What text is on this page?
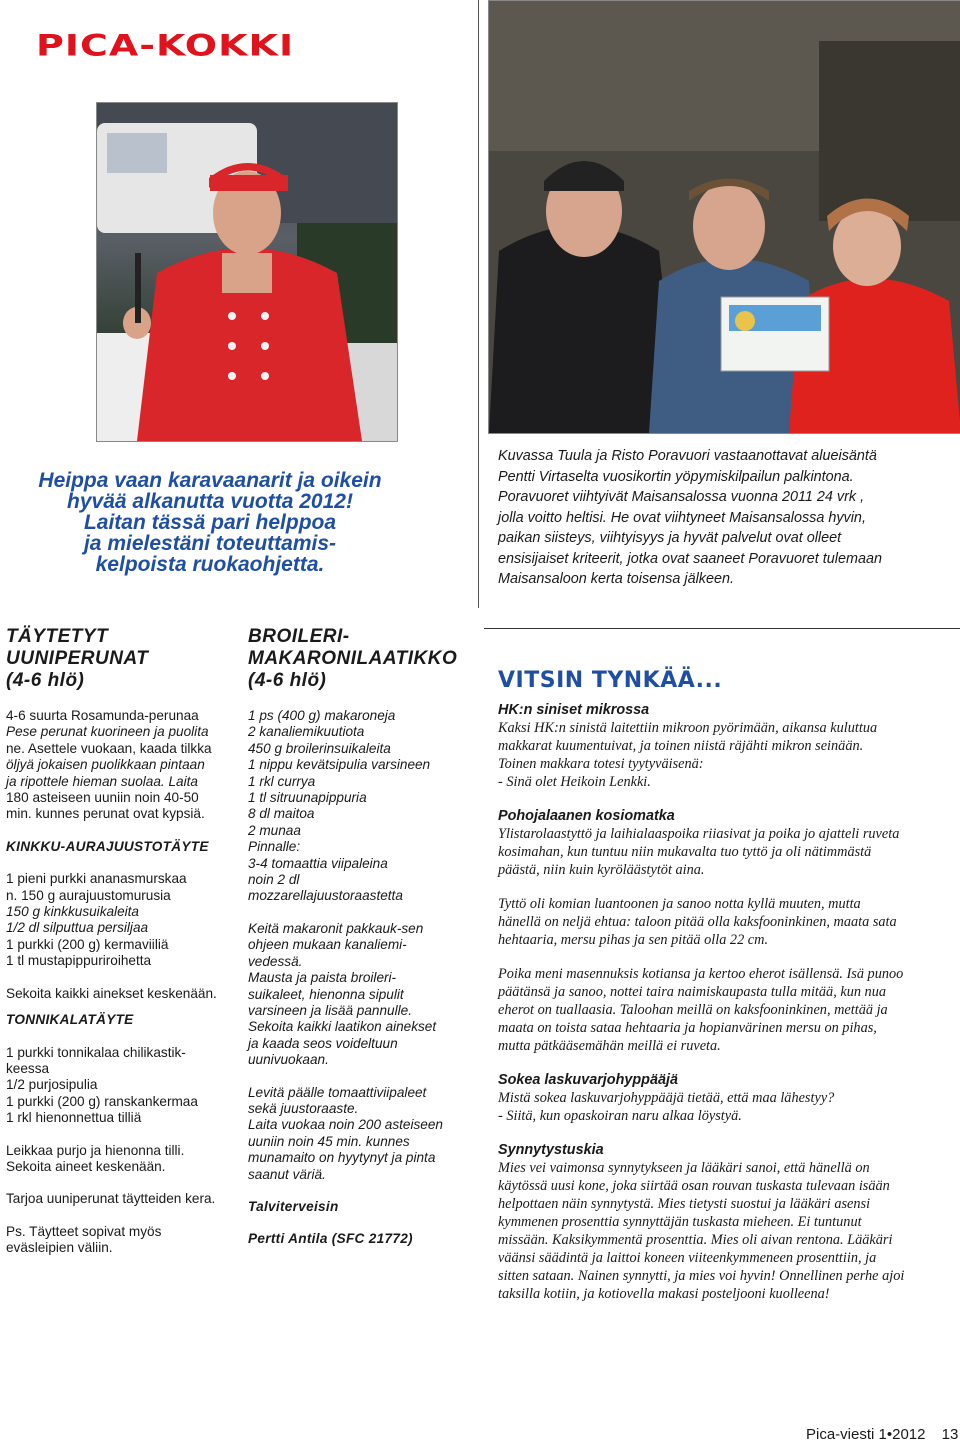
PICA-KOKKI
Heippa vaan karavaanarit ja oikein
hyvää alkanutta vuotta 2012!
Laitan tässä pari helppoa
ja mielestäni toteuttamis-
kelpoista ruokaohjetta.
Kuvassa Tuula ja Risto Poravuori vastaanottavat alueisäntä
Pentti Virtaselta vuosikortin yöpymiskilpailun palkintona.
Poravuoret viihtyivät Maisansalossa vuonna 2011 24 vrk ,
jolla voitto heltisi. He ovat viihtyneet Maisansalossa hyvin,
paikan siisteys, viihtyisyys ja hyvät palvelut ovat olleet
ensisijaiset kriteerit, jotka ovat saaneet Poravuoret tulemaan
Maisansaloon kerta toisensa jälkeen.
TÄYTETYT
UUNIPERUNAT
(4-6 hlö)
4-6 suurta Rosamunda-perunaa
Pese perunat kuorineen ja puolita
ne. Asettele vuokaan, kaada tilkka
öljyä jokaisen puolikkaan pintaan
ja ripottele hieman suolaa. Laita
180 asteiseen uuniin noin 40-50
min. kunnes perunat ovat kypsiä.
KINKKU-AURAJUUSTOTÄYTE
1 pieni purkki ananasmurskaa
n. 150 g aurajuustomurusia
150 g kinkkusuikaleita
1/2 dl silputtua persiljaa
1 purkki (200 g) kermaviiliä
1 tl mustapippuriroihetta
Sekoita kaikki ainekset keskenään.
TONNIKALATÄYTE
1 purkki tonnikalaa chilikastik-
keessa
1/2 purjosipulia
1 purkki (200 g) ranskankermaa
1 rkl hienonnettua tilliä
Leikkaa purjo ja hienonna tilli.
Sekoita aineet keskenään.
Tarjoa uuniperunat täytteiden kera.
Ps. Täytteet sopivat myös
eväsleipien väliin.
BROILERI-
MAKARONILAATIKKO
(4-6 hlö)
1 ps (400 g) makaroneja
2 kanaliemikuutiota
450 g broilerinsuikaleita
1 nippu kevätsipulia varsineen
1 rkl currya
1 tl sitruunapippuria
8 dl maitoa
2 munaa
Pinnalle:
3-4 tomaattia viipaleina
noin 2 dl
mozzarellajuustoraastetta
Keitä makaronit pakkauk-sen
ohjeen mukaan kanaliemi-
vedessä.
Mausta ja paista broileri-
suikaleet, hienonna sipulit
varsineen ja lisää pannulle.
Sekoita kaikki laatikon ainekset
ja kaada seos voideltuun
uunivuokaan.
Levitä päälle tomaattiviipaleet
sekä juustoraaste.
Laita vuokaa noin 200 asteiseen
uuniin noin 45 min. kunnes
munamaito on hyytynyt ja pinta
saanut väriä.
Talviterveisin
Pertti Antila (SFC 21772)
VITSIN TYNKÄÄ...
HK:n siniset mikrossa
Kaksi HK:n sinistä laitettiin mikroon pyörimään, aikansa kuluttua
makkarat kuumentuivat, ja toinen niistä räjähti mikron seinään.
Toinen makkara totesi tyytyväisenä:
- Sinä olet Heikoin Lenkki.
Pohojalaanen kosiomatka
Ylistarolaastyttö ja laihialaaspoika riiasivat ja poika jo ajatteli ruveta
kosimahan, kun tuntuu niin mukavalta tuo tyttö ja oli nätimmästä
päästä, niin kuin kyröläästytöt aina.
Tyttö oli komian luantoonen ja sanoo notta kyllä muuten, mutta
hänellä on neljä ehtua: taloon pitää olla kaksfooninkinen, maata sata
hehtaaria, mersu pihas ja sen pitää olla 22 cm.
Poika meni masennuksis kotiansa ja kertoo eherot isällensä. Isä punoo
päätänsä ja sanoo, nottei taira naimiskaupasta tulla mitää, kun nua
eherot on tuallaasia. Taloohan meillä on kaksfooninkinen, mettää ja
maata on toista sataa hehtaaria ja hopianvärinen mersu on pihas,
mutta pätkääsemähän meillä ei ruveta.
Sokea laskuvarjohyppääjä
Mistä sokea laskuvarjohyppääjä tietää, että maa lähestyy?
- Siitä, kun opaskoiran naru alkaa löystyä.
Synnytystuskia
Mies vei vaimonsa synnytykseen ja lääkäri sanoi, että hänellä on
käytössä uusi kone, joka siirtää osan rouvan tuskasta tulevaan isään
helpottaen näin synnytystä. Mies tietysti suostui ja lääkäri asensi
kymmenen prosenttia synnyttäjän tuskasta mieheen. Ei tuntunut
missään. Kaksikymmentä prosenttia. Mies oli aivan rentona. Lääkäri
väänsi säädintä ja laittoi koneen viiteenkymmeneen prosenttiin, ja
sitten sataan. Nainen synnytti, ja mies voi hyvin! Onnellinen perhe ajoi
taksilla kotiin, ja kotiovella makasi posteljooni kuolleena!
Pica-viesti 1•2012 13
